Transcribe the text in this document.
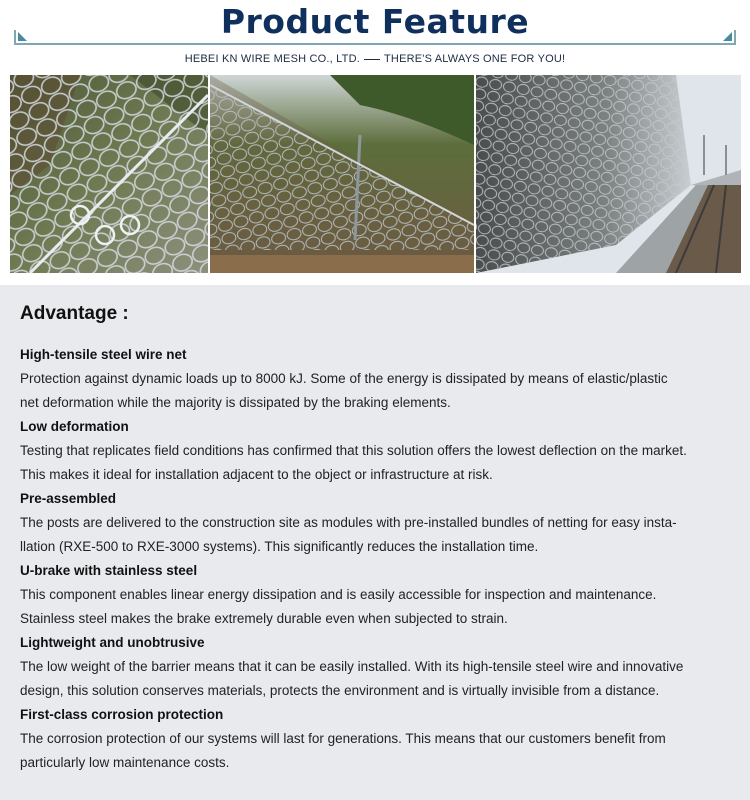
Product Feature
HEBEI KN WIRE MESH CO., LTD. THERE'S ALWAYS ONE FOR YOU!
Advantage :
High-tensile steel wire net
Protection against dynamic loads up to 8000 kJ. Some of the energy is dissipated by means of elastic/plastic
net deformation while the majority is dissipated by the braking elements.
Low deformation
Testing that replicates field conditions has confirmed that this solution offers the lowest deflection on the market.
This makes it ideal for installation adjacent to the object or infrastructure at risk.
Pre-assembled
The posts are delivered to the construction site as modules with pre-installed bundles of netting for easy insta-
llation (RXE-500 to RXE-3000 systems). This significantly reduces the installation time.
U-brake with stainless steel
This component enables linear energy dissipation and is easily accessible for inspection and maintenance.
Stainless steel makes the brake extremely durable even when subjected to strain.
Lightweight and unobtrusive
The low weight of the barrier means that it can be easily installed. With its high-tensile steel wire and innovative
design, this solution conserves materials, protects the environment and is virtually invisible from a distance.
First-class corrosion protection
The corrosion protection of our systems will last for generations. This means that our customers benefit from
particularly low maintenance costs.
